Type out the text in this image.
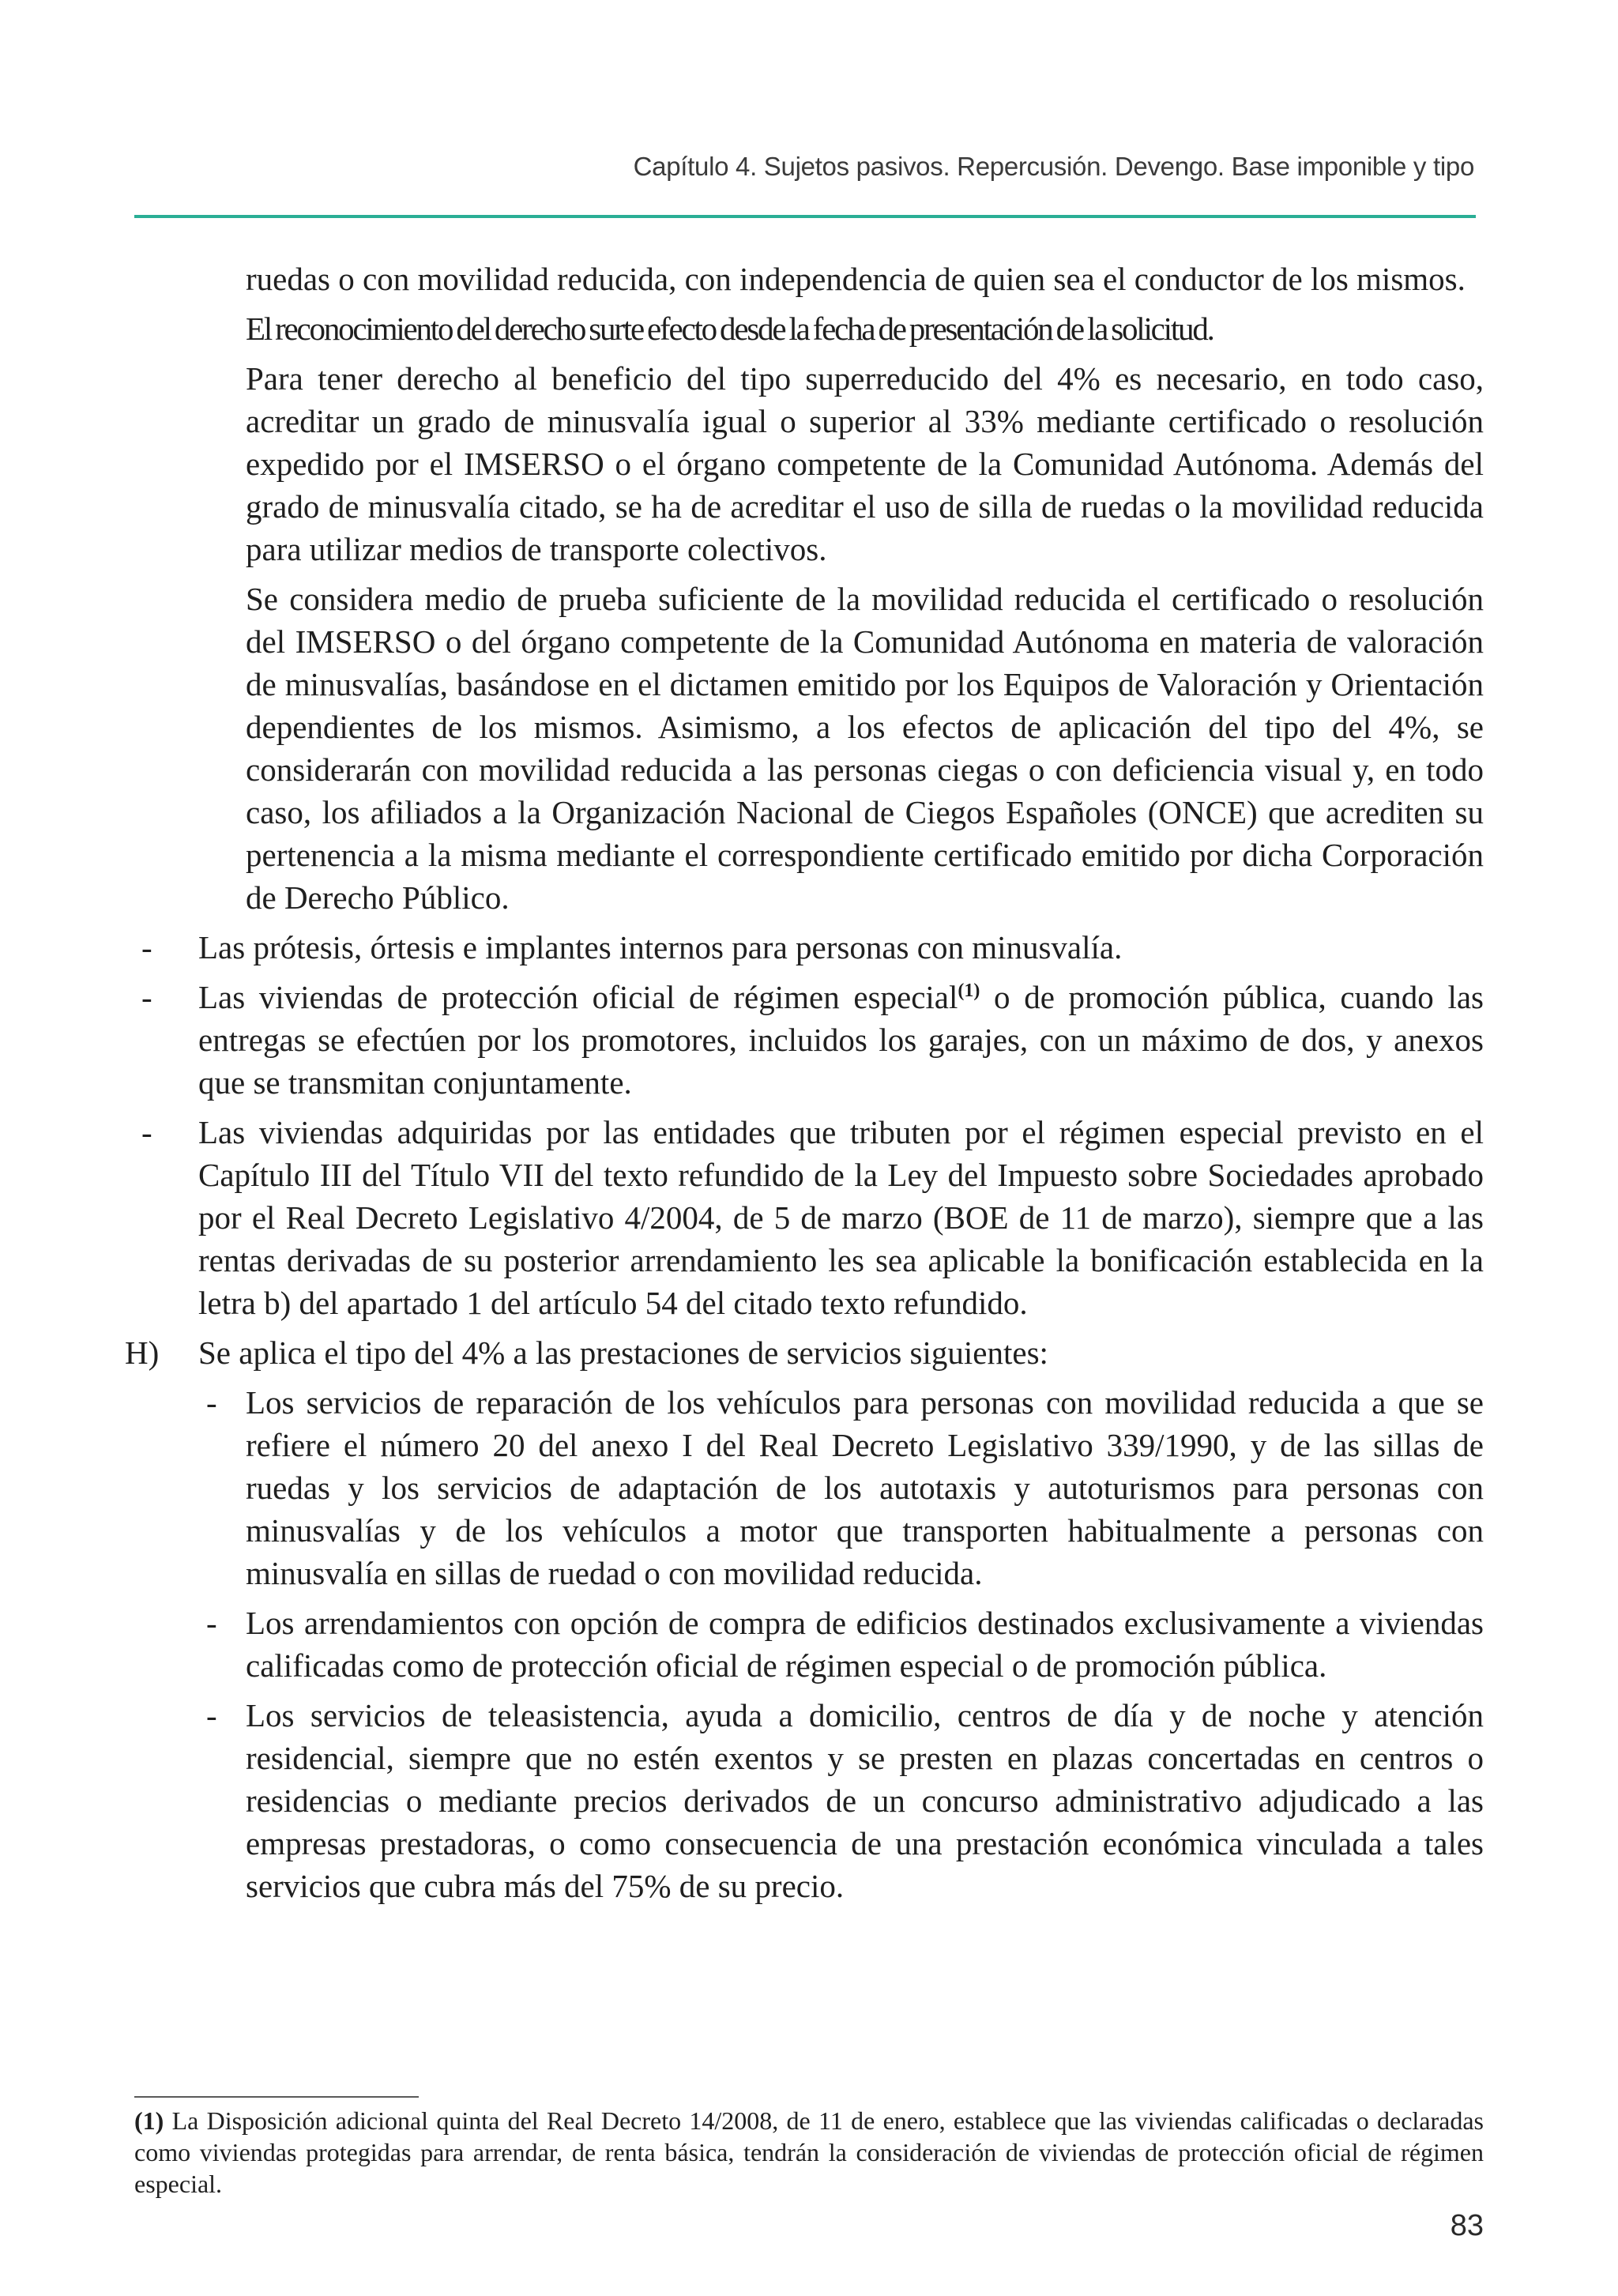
Capítulo 4. Sujetos pasivos. Repercusión. Devengo. Base imponible y tipo

ruedas o con movilidad reducida, con independencia de quien sea el conductor de los mismos.

El reconocimiento del derecho surte efecto desde la fecha de presentación de la solicitud.

Para tener derecho al beneficio del tipo superreducido del 4% es necesario, en todo caso, acreditar un grado de minusvalía igual o superior al 33% mediante certificado o resolución expedido por el IMSERSO o el órgano competente de la Comunidad Autónoma. Además del grado de minusvalía citado, se ha de acreditar el uso de silla de ruedas o la movilidad reducida para utilizar medios de transporte colectivos.

Se considera medio de prueba suficiente de la movilidad reducida el certificado o resolución del IMSERSO o del órgano competente de la Comunidad Autónoma en materia de valoración de minusvalías, basándose en el dictamen emitido por los Equipos de Valoración y Orientación dependientes de los mismos. Asimismo, a los efectos de aplicación del tipo del 4%, se considerarán con movilidad reducida a las personas ciegas o con deficiencia visual y, en todo caso, los afiliados a la Organización Nacional de Ciegos Españoles (ONCE) que acrediten su pertenencia a la misma mediante el correspondiente certificado emitido por dicha Corporación de Derecho Público.

-	Las prótesis, órtesis e implantes internos para personas con minusvalía.
-	Las viviendas de protección oficial de régimen especial$^{(1)}$ o de promoción pública, cuando las entregas se efectúen por los promotores, incluidos los garajes, con un máximo de dos, y anexos que se transmitan conjuntamente.
-	Las viviendas adquiridas por las entidades que tributen por el régimen especial previsto en el Capítulo III del Título VII del texto refundido de la Ley del Impuesto sobre Sociedades aprobado por el Real Decreto Legislativo 4/2004, de 5 de marzo (BOE de 11 de marzo), siempre que a las rentas derivadas de su posterior arrendamiento les sea aplicable la bonificación establecida en la letra b) del apartado 1 del artículo 54 del citado texto refundido.
H)	Se aplica el tipo del 4% a las prestaciones de servicios siguientes:
- Los servicios de reparación de los vehículos para personas con movilidad reducida a que se refiere el número 20 del anexo I del Real Decreto Legislativo 339/1990, y de las sillas de ruedas y los servicios de adaptación de los autotaxis y autoturismos para personas con minusvalías y de los vehículos a motor que transporten habitualmente a personas con minusvalía en sillas de ruedad o con movilidad reducida.
- Los arrendamientos con opción de compra de edificios destinados exclusivamente a viviendas calificadas como de protección oficial de régimen especial o de promoción pública.
- Los servicios de teleasistencia, ayuda a domicilio, centros de día y de noche y atención residencial, siempre que no estén exentos y se presten en plazas concertadas en centros o residencias o mediante precios derivados de un concurso administrativo adjudicado a las empresas prestadoras, o como consecuencia de una prestación económica vinculada a tales servicios que cubra más del 75% de su precio.
(1) La Disposición adicional quinta del Real Decreto 14/2008, de 11 de enero, establece que las viviendas calificadas o declaradas como viviendas protegidas para arrendar, de renta básica, tendrán la consideración de viviendas de protección oficial de régimen especial.
83
